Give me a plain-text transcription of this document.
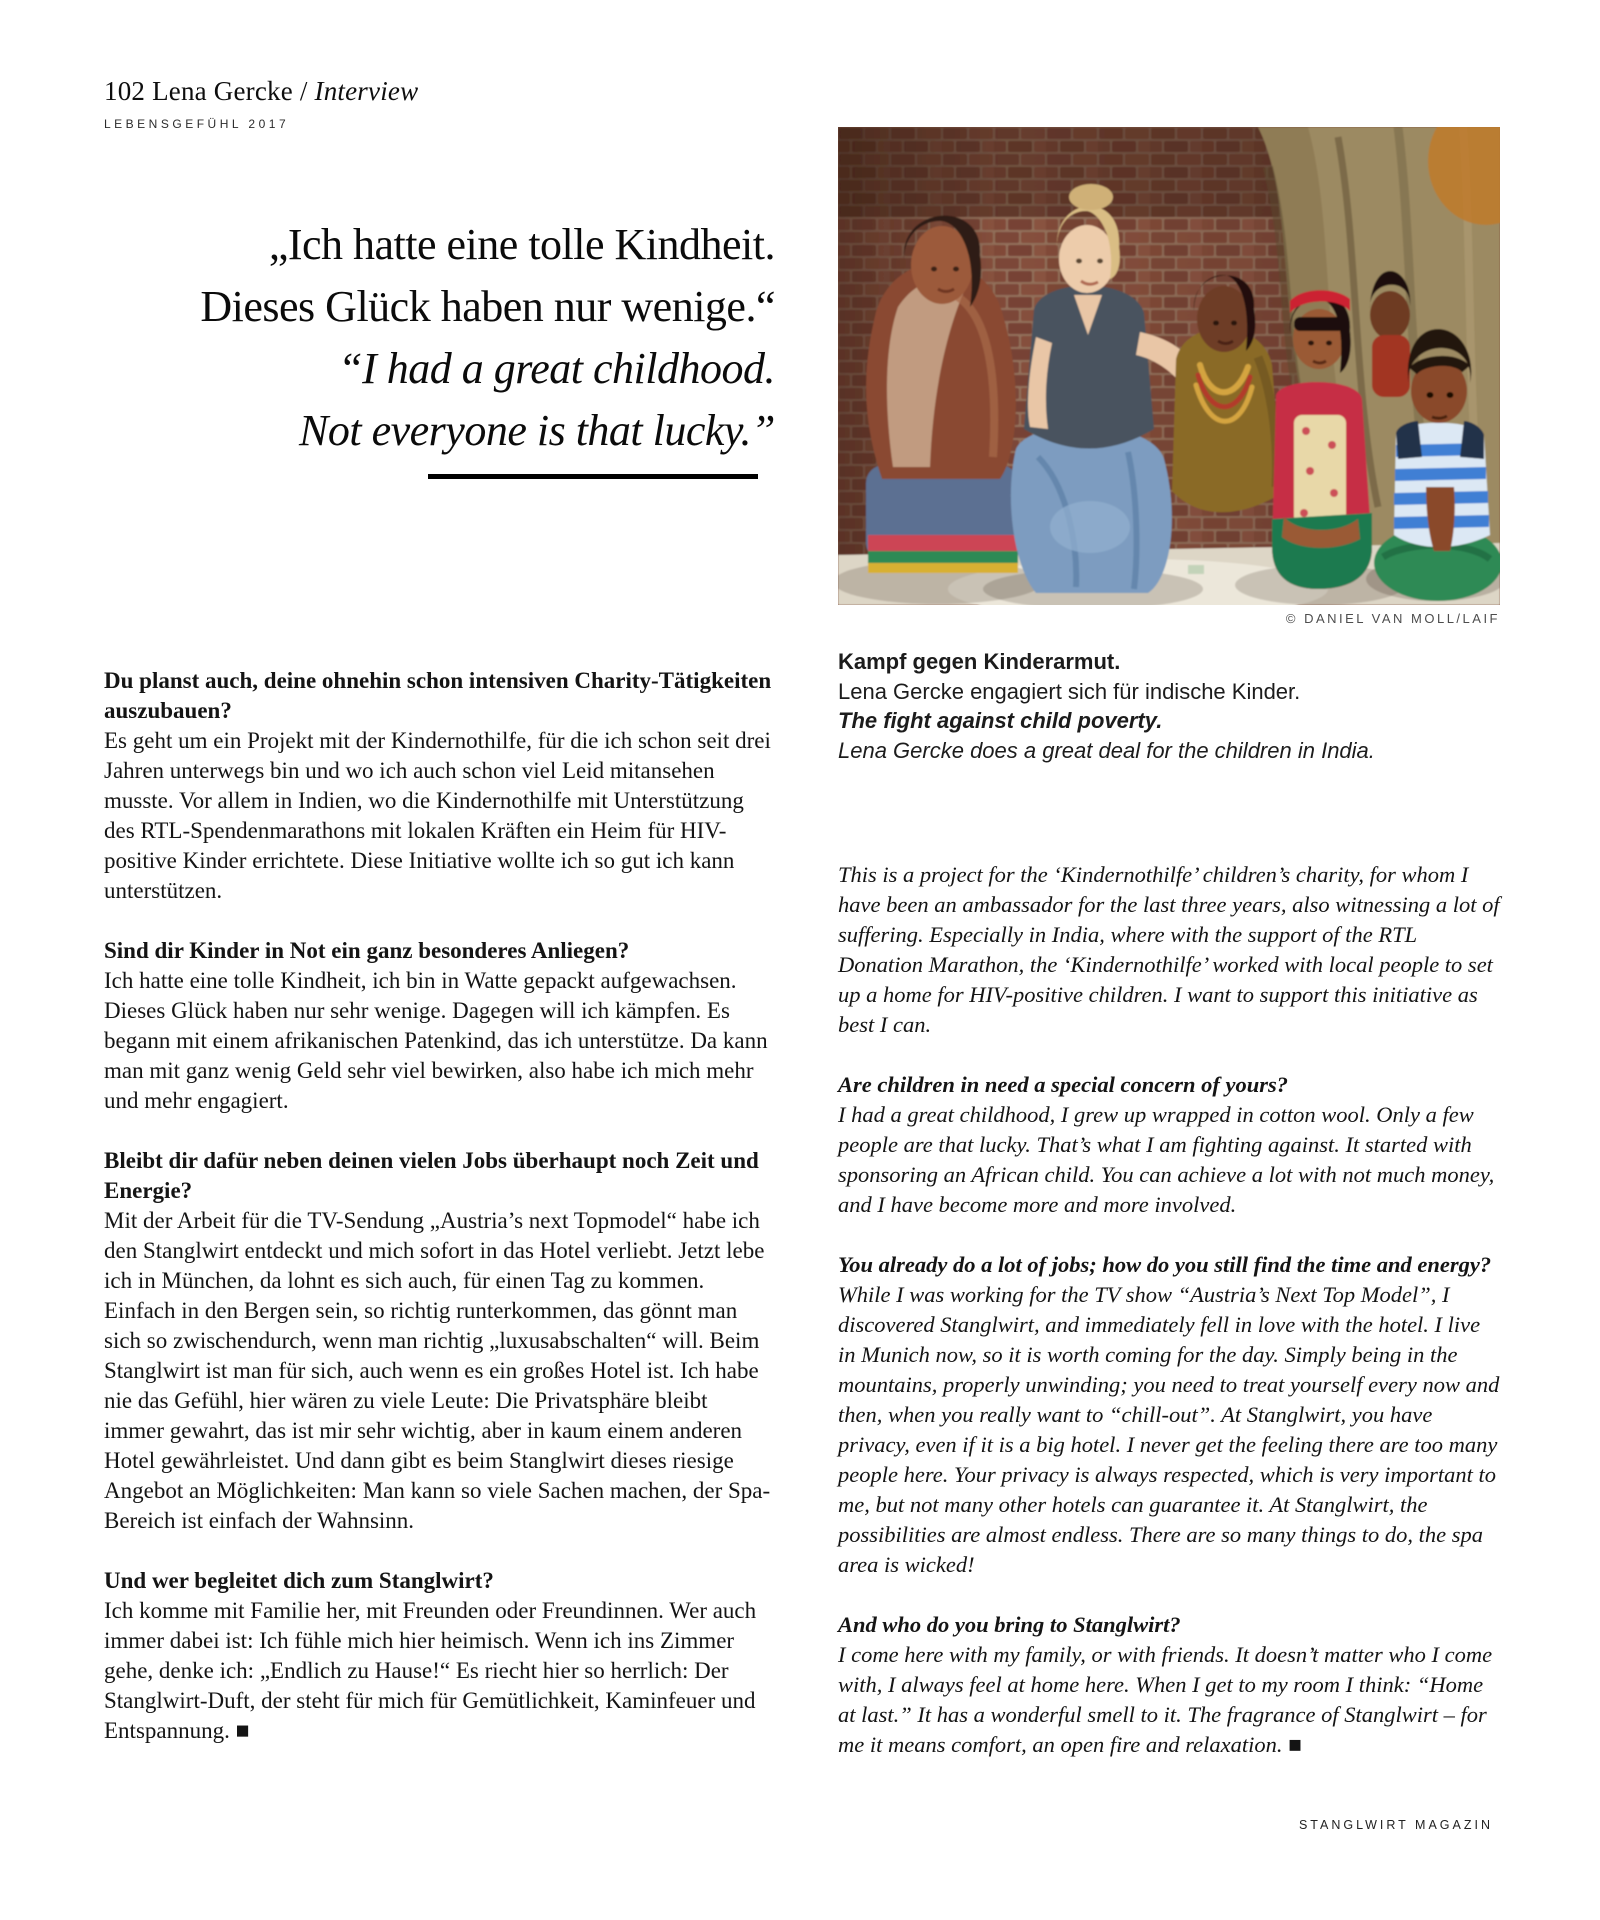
102 Lena Gercke / Interview
LEBENSGEFÜHL 2017
„Ich hatte eine tolle Kindheit.
Dieses Glück haben nur wenige.“
“I had a great childhood.
Not everyone is that lucky.”
© DANIEL VAN MOLL/LAIF
Kampf gegen Kinderarmut.
Lena Gercke engagiert sich für indische Kinder.
The fight against child poverty.
Lena Gercke does a great deal for the children in India.

Du planst auch, deine ohnehin schon intensiven Charity-Tätigkeiten auszubauen?

Es geht um ein Projekt mit der Kindernothilfe, für die ich schon seit drei Jahren unterwegs bin und wo ich auch schon viel Leid mitansehen musste. Vor allem in Indien, wo die Kindernothilfe mit Unterstützung des RTL-Spendenmarathons mit lokalen Kräften ein Heim für HIV-positive Kinder errichtete. Diese Initiative wollte ich so gut ich kann unterstützen.

Sind dir Kinder in Not ein ganz besonderes Anliegen?

Ich hatte eine tolle Kindheit, ich bin in Watte gepackt aufgewachsen. Dieses Glück haben nur sehr wenige. Dagegen will ich kämpfen. Es begann mit einem afrikanischen Patenkind, das ich unterstütze. Da kann man mit ganz wenig Geld sehr viel bewirken, also habe ich mich mehr und mehr engagiert.

Bleibt dir dafür neben deinen vielen Jobs überhaupt noch Zeit und Energie?

Mit der Arbeit für die TV-Sendung „Austria’s next Topmodel“ habe ich den Stanglwirt entdeckt und mich sofort in das Hotel verliebt. Jetzt lebe ich in München, da lohnt es sich auch, für einen Tag zu kommen. Einfach in den Bergen sein, so richtig runterkommen, das gönnt man sich so zwischendurch, wenn man richtig „luxusabschalten“ will. Beim Stanglwirt ist man für sich, auch wenn es ein großes Hotel ist. Ich habe nie das Gefühl, hier wären zu viele Leute: Die Privatsphäre bleibt immer gewahrt, das ist mir sehr wichtig, aber in kaum einem anderen Hotel gewährleistet. Und dann gibt es beim Stanglwirt dieses riesige Angebot an Möglichkeiten: Man kann so viele Sachen machen, der Spa-Bereich ist einfach der Wahnsinn.

Und wer begleitet dich zum Stanglwirt?

Ich komme mit Familie her, mit Freunden oder Freundinnen. Wer auch immer dabei ist: Ich fühle mich hier heimisch. Wenn ich ins Zimmer gehe, denke ich: „Endlich zu Hause!“ Es riecht hier so herrlich: Der Stanglwirt-Duft, der steht für mich für Gemütlichkeit, Kaminfeuer und Entspannung. ■

This is a project for the ‘Kindernothilfe’ children’s charity, for whom I have been an ambassador for the last three years, also witnessing a lot of suffering. Especially in India, where with the support of the RTL Donation Marathon, the ‘Kindernothilfe’ worked with local people to set up a home for HIV-positive children. I want to support this initiative as best I can.

Are children in need a special concern of yours?

I had a great childhood, I grew up wrapped in cotton wool. Only a few people are that lucky. That’s what I am fighting against. It started with sponsoring an African child. You can achieve a lot with not much money, and I have become more and more involved.

You already do a lot of jobs; how do you still find the time and energy?

While I was working for the TV show “Austria’s Next Top Model”, I discovered Stanglwirt, and immediately fell in love with the hotel. I live in Munich now, so it is worth coming for the day. Simply being in the mountains, properly unwinding; you need to treat yourself every now and then, when you really want to “chill-out”. At Stanglwirt, you have privacy, even if it is a big hotel. I never get the feeling there are too many people here. Your privacy is always respected, which is very important to me, but not many other hotels can guarantee it. At Stanglwirt, the possibilities are almost endless. There are so many things to do, the spa area is wicked!

And who do you bring to Stanglwirt?

I come here with my family, or with friends. It doesn’t matter who I come with, I always feel at home here. When I get to my room I think: “Home at last.” It has a wonderful smell to it. The fragrance of Stanglwirt – for me it means comfort, an open fire and relaxation. ■

STANGLWIRT MAGAZIN
